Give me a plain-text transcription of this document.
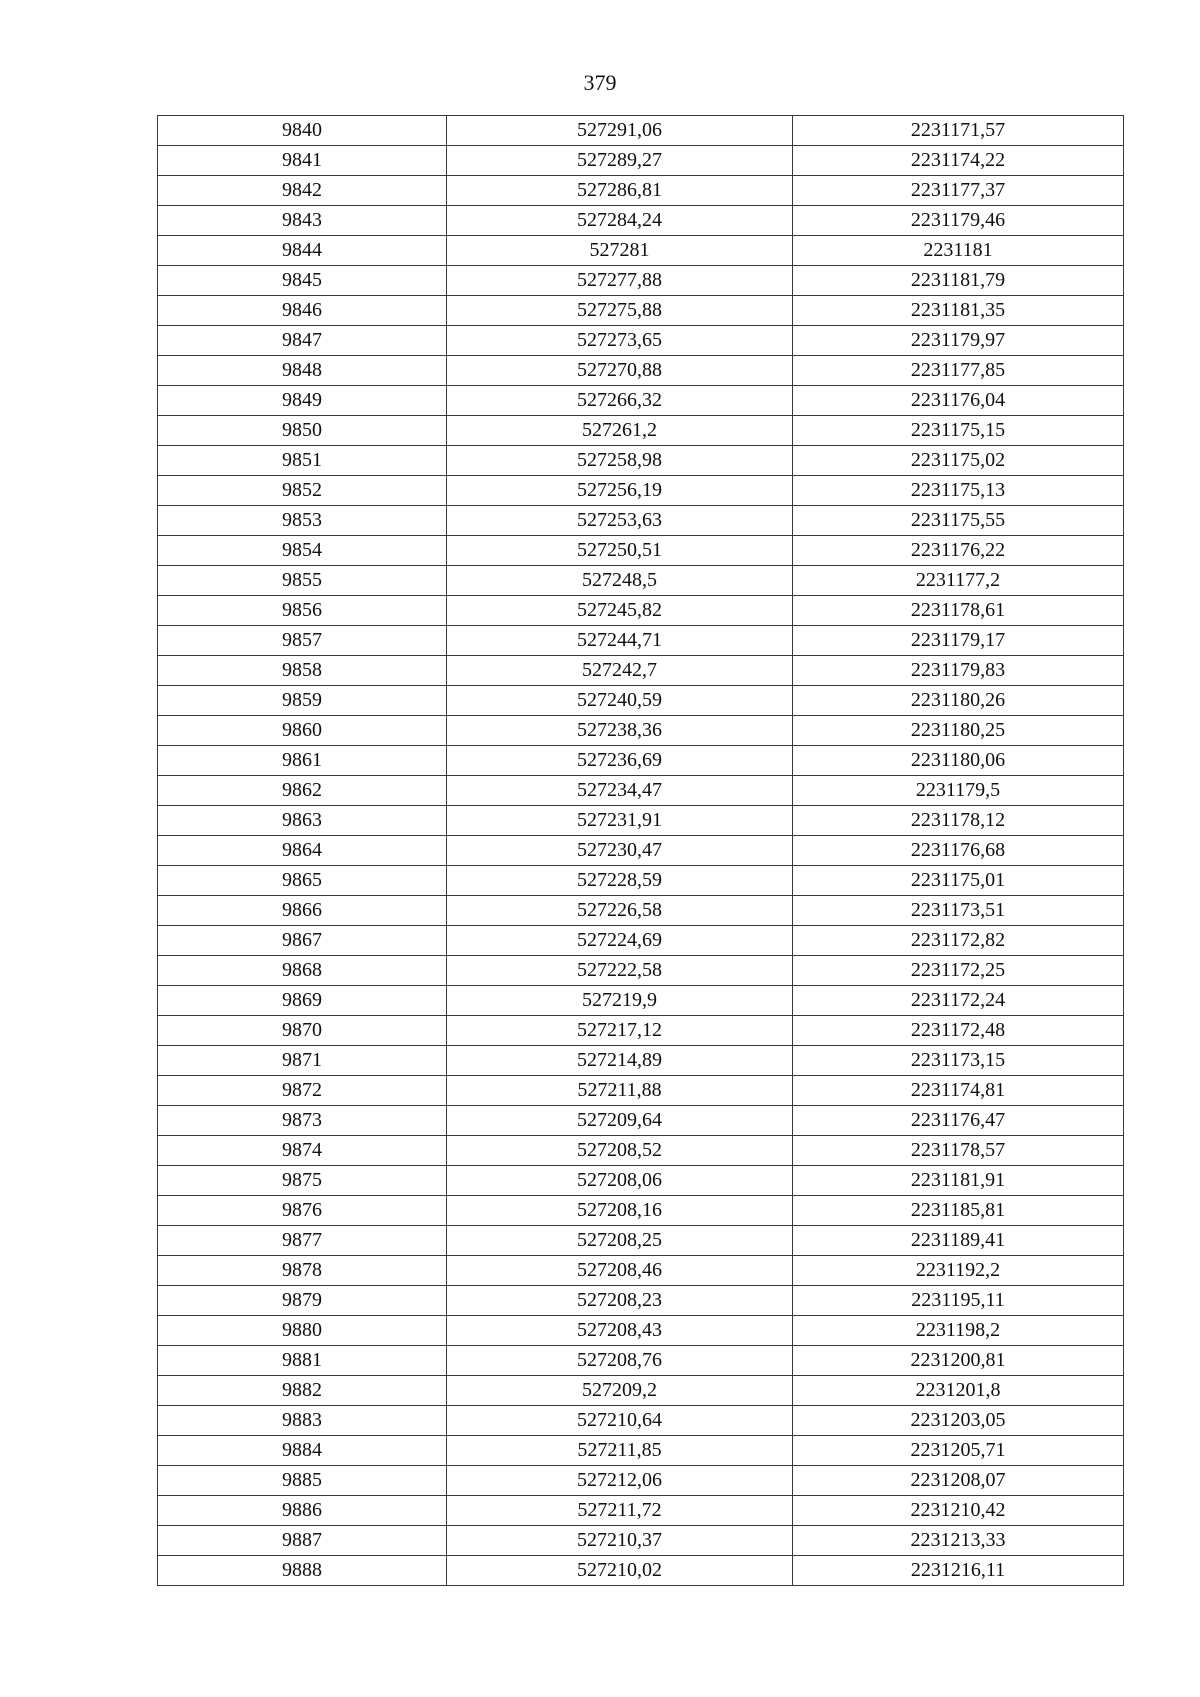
379
9840	527291,06	2231171,57
9841	527289,27	2231174,22
9842	527286,81	2231177,37
9843	527284,24	2231179,46
9844	527281	2231181
9845	527277,88	2231181,79
9846	527275,88	2231181,35
9847	527273,65	2231179,97
9848	527270,88	2231177,85
9849	527266,32	2231176,04
9850	527261,2	2231175,15
9851	527258,98	2231175,02
9852	527256,19	2231175,13
9853	527253,63	2231175,55
9854	527250,51	2231176,22
9855	527248,5	2231177,2
9856	527245,82	2231178,61
9857	527244,71	2231179,17
9858	527242,7	2231179,83
9859	527240,59	2231180,26
9860	527238,36	2231180,25
9861	527236,69	2231180,06
9862	527234,47	2231179,5
9863	527231,91	2231178,12
9864	527230,47	2231176,68
9865	527228,59	2231175,01
9866	527226,58	2231173,51
9867	527224,69	2231172,82
9868	527222,58	2231172,25
9869	527219,9	2231172,24
9870	527217,12	2231172,48
9871	527214,89	2231173,15
9872	527211,88	2231174,81
9873	527209,64	2231176,47
9874	527208,52	2231178,57
9875	527208,06	2231181,91
9876	527208,16	2231185,81
9877	527208,25	2231189,41
9878	527208,46	2231192,2
9879	527208,23	2231195,11
9880	527208,43	2231198,2
9881	527208,76	2231200,81
9882	527209,2	2231201,8
9883	527210,64	2231203,05
9884	527211,85	2231205,71
9885	527212,06	2231208,07
9886	527211,72	2231210,42
9887	527210,37	2231213,33
9888	527210,02	2231216,11
